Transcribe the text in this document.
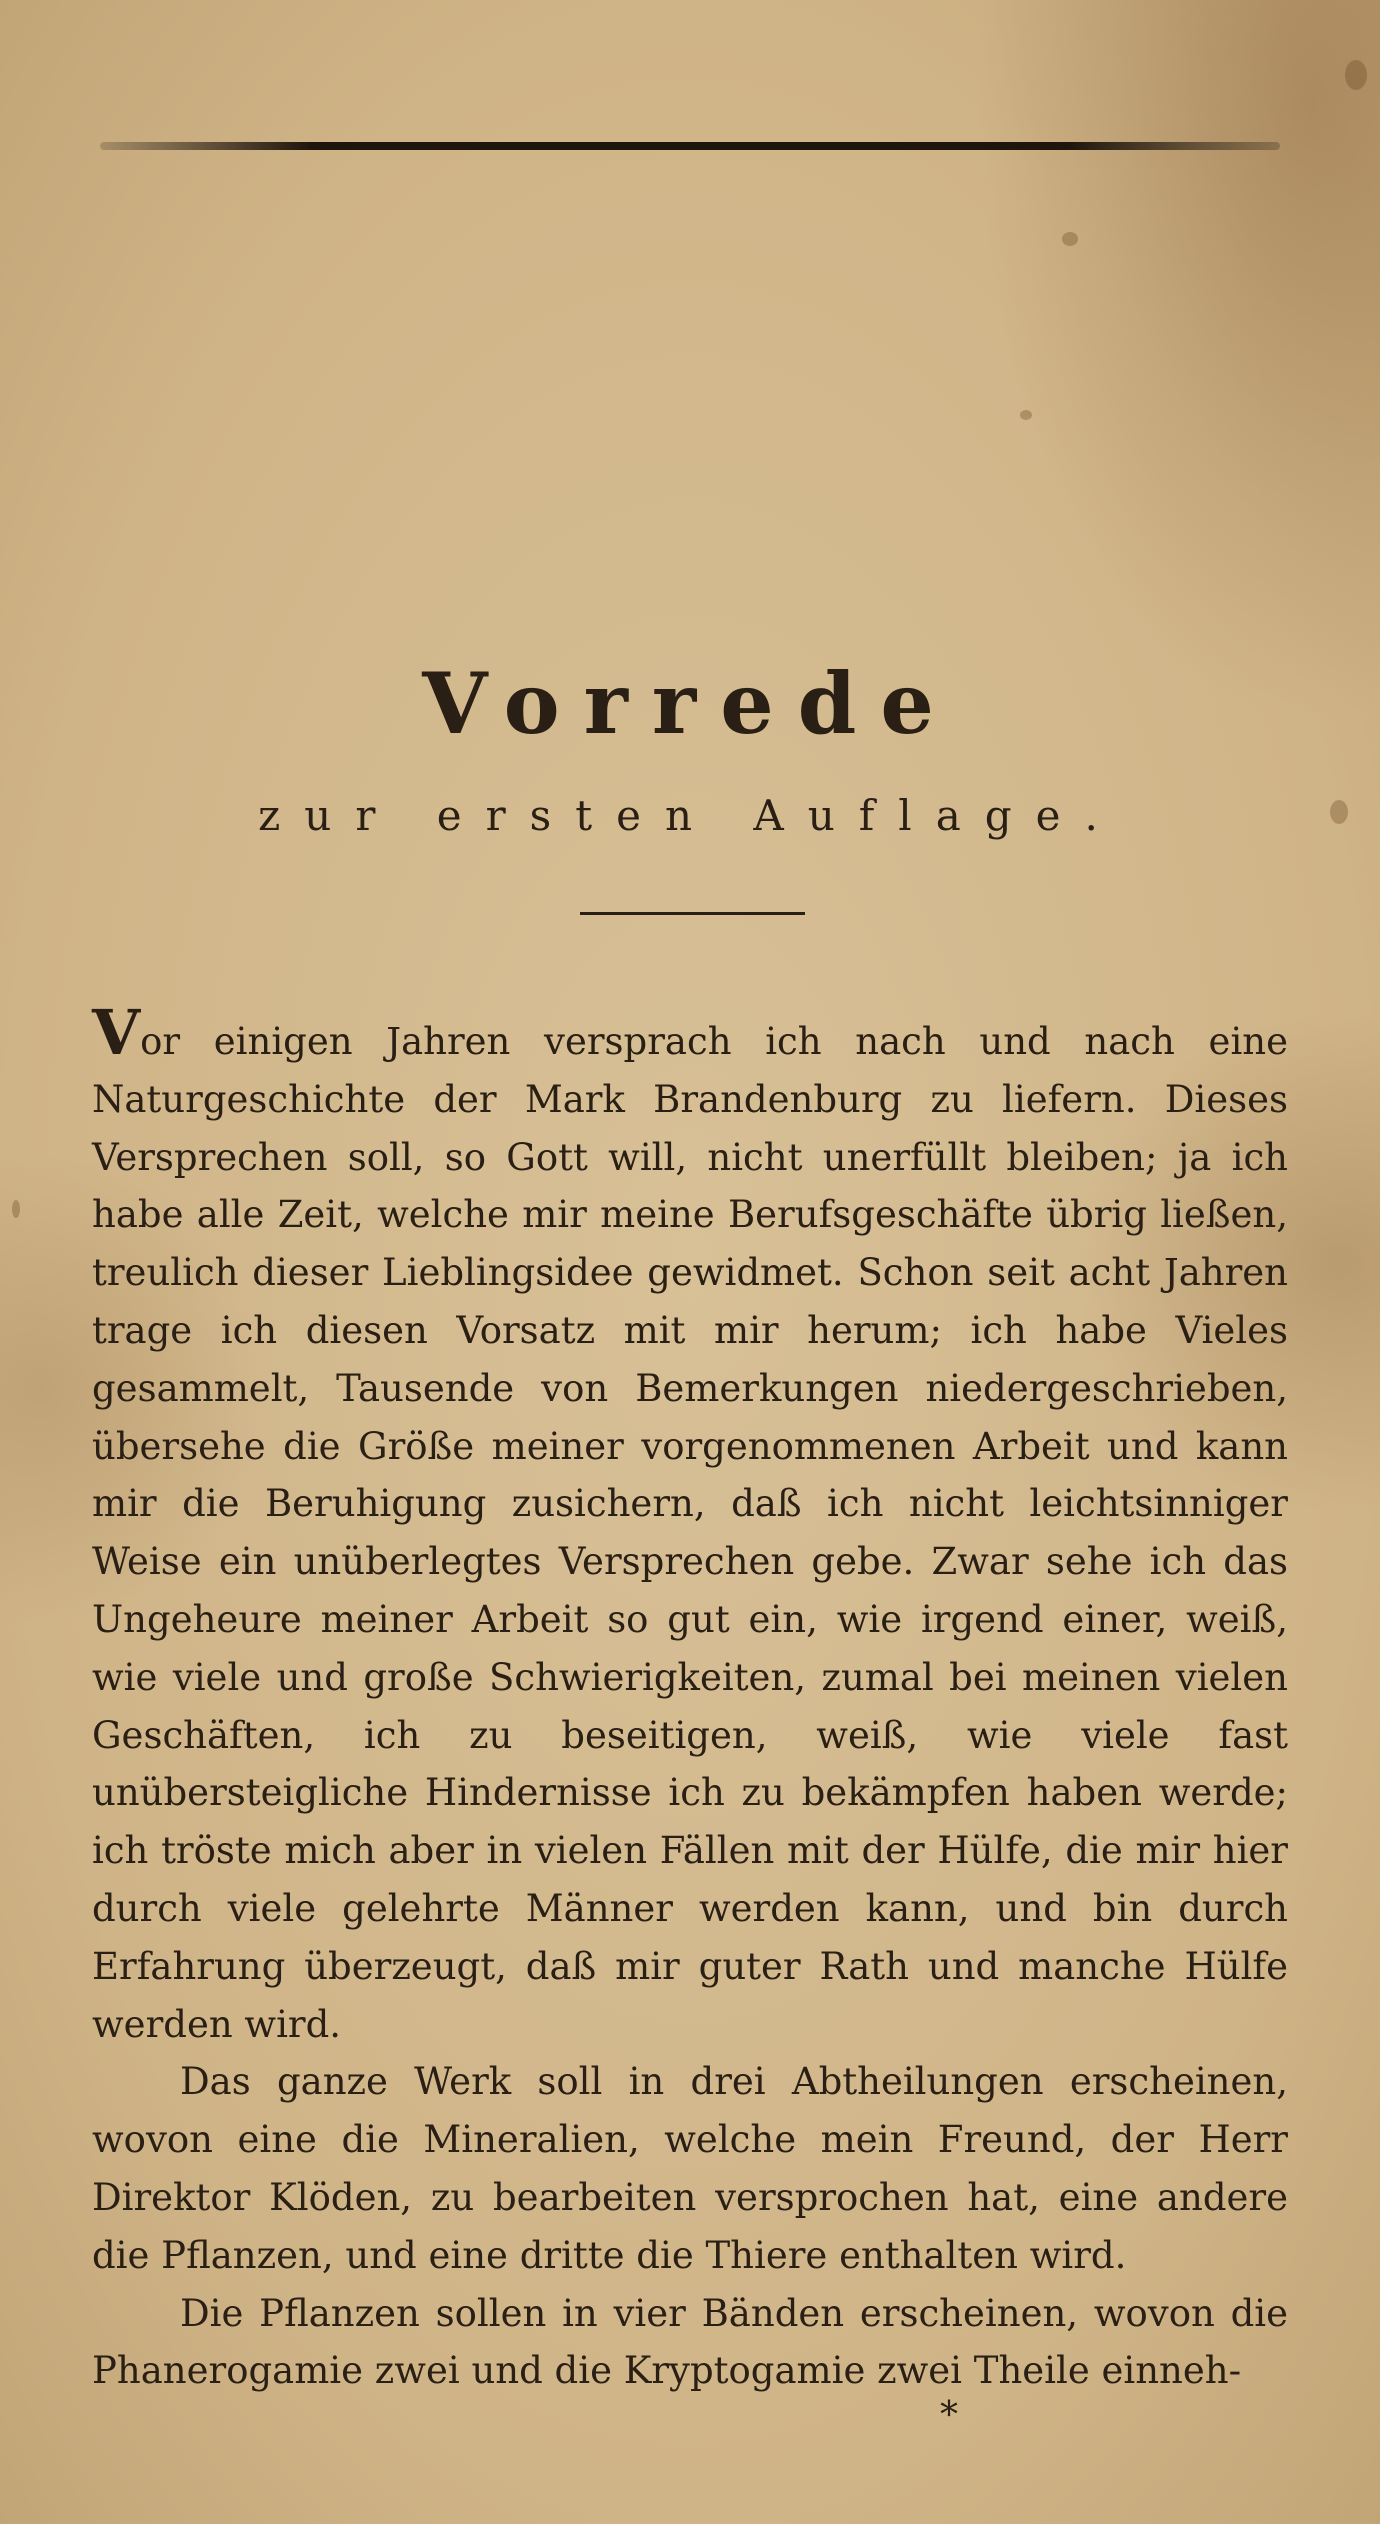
Vorrede
zur ersten Auflage.

Vor einigen Jahren versprach ich nach und nach eine Naturgeschichte der Mark Brandenburg zu liefern. Dieses Versprechen soll, so Gott will, nicht unerfüllt bleiben; ja ich habe alle Zeit, welche mir meine Berufsgeschäfte übrig ließen, treulich dieser Lieblingsidee gewidmet. Schon seit acht Jahren trage ich diesen Vorsatz mit mir herum; ich habe Vieles gesammelt, Tausende von Bemerkungen niedergeschrieben, übersehe die Größe meiner vorgenommenen Arbeit und kann mir die Beruhigung zusichern, daß ich nicht leichtsinniger Weise ein unüberlegtes Versprechen gebe. Zwar sehe ich das Ungeheure meiner Arbeit so gut ein, wie irgend einer, weiß, wie viele und große Schwierigkeiten, zumal bei meinen vielen Geschäften, ich zu beseitigen, weiß, wie viele fast unübersteigliche Hindernisse ich zu bekämpfen haben werde; ich tröste mich aber in vielen Fällen mit der Hülfe, die mir hier durch viele gelehrte Männer werden kann, und bin durch Erfahrung überzeugt, daß mir guter Rath und manche Hülfe werden wird.

Das ganze Werk soll in drei Abtheilungen erscheinen, wovon eine die Mineralien, welche mein Freund, der Herr Direktor Klöden, zu bearbeiten versprochen hat, eine andere die Pflanzen, und eine dritte die Thiere enthalten wird.

Die Pflanzen sollen in vier Bänden erscheinen, wovon die Phanerogamie zwei und die Kryptogamie zwei Theile einneh-

*
